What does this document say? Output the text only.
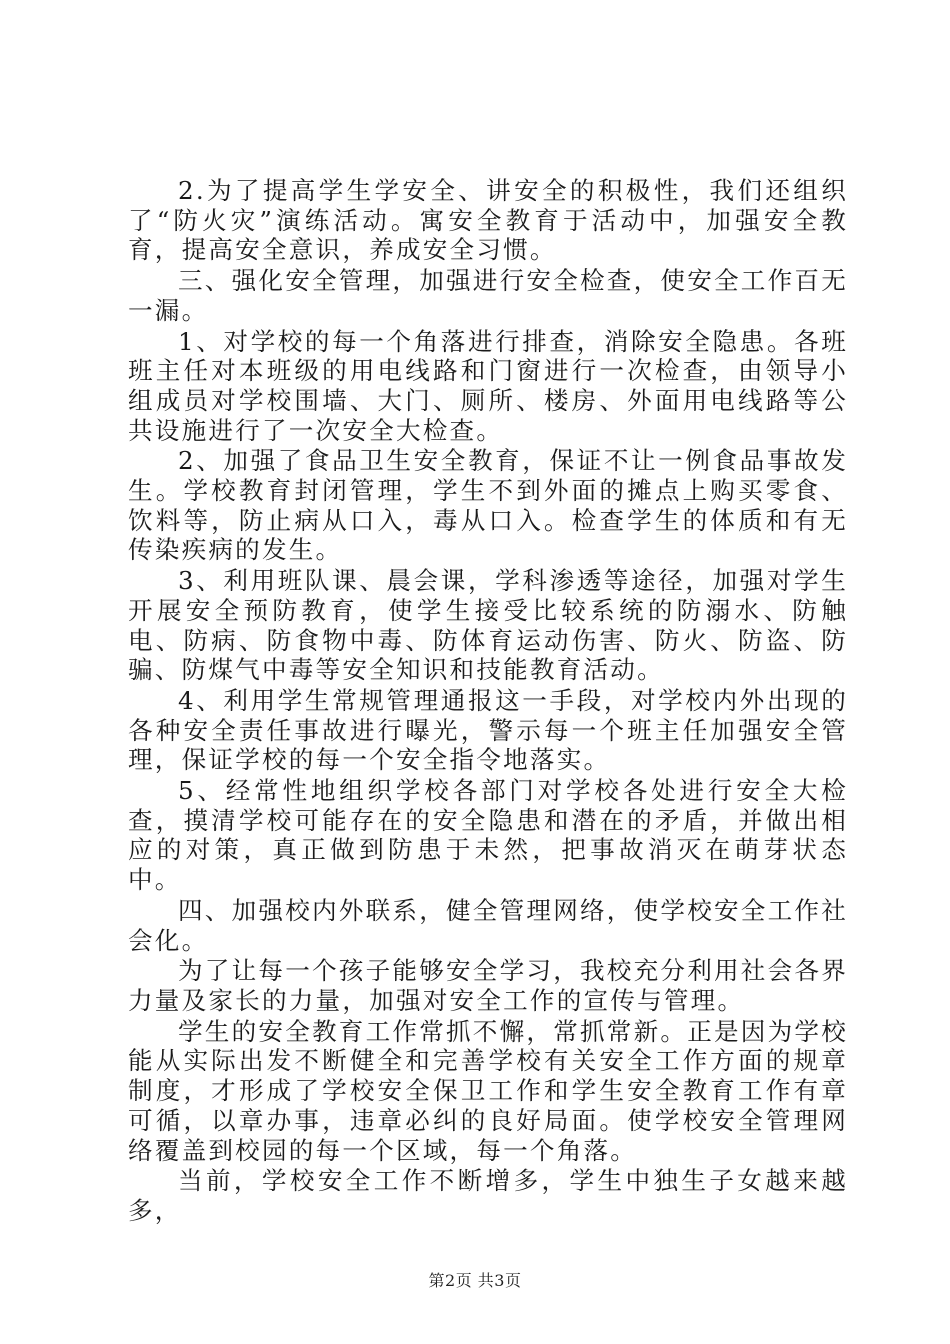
2.为了提高学生学安全、讲安全的积极性，我们还组织了“防火灾”演练活动。寓安全教育于活动中，加强安全教育，提高安全意识，养成安全习惯。

三、强化安全管理，加强进行安全检查，使安全工作百无一漏。

1、对学校的每一个角落进行排查，消除安全隐患。各班班主任对本班级的用电线路和门窗进行一次检查，由领导小组成员对学校围墙、大门、厕所、楼房、外面用电线路等公共设施进行了一次安全大检查。

2、加强了食品卫生安全教育，保证不让一例食品事故发生。学校教育封闭管理，学生不到外面的摊点上购买零食、饮料等，防止病从口入，毒从口入。检查学生的体质和有无传染疾病的发生。

3、利用班队课、晨会课，学科渗透等途径，加强对学生开展安全预防教育，使学生接受比较系统的防溺水、防触电、防病、防食物中毒、防体育运动伤害、防火、防盗、防骗、防煤气中毒等安全知识和技能教育活动。

4、利用学生常规管理通报这一手段，对学校内外出现的各种安全责任事故进行曝光，警示每一个班主任加强安全管理，保证学校的每一个安全指令地落实。

5、经常性地组织学校各部门对学校各处进行安全大检查，摸清学校可能存在的安全隐患和潜在的矛盾，并做出相应的对策，真正做到防患于未然，把事故消灭在萌芽状态中。

四、加强校内外联系，健全管理网络，使学校安全工作社会化。

为了让每一个孩子能够安全学习，我校充分利用社会各界力量及家长的力量，加强对安全工作的宣传与管理。

学生的安全教育工作常抓不懈，常抓常新。正是因为学校能从实际出发不断健全和完善学校有关安全工作方面的规章制度，才形成了学校安全保卫工作和学生安全教育工作有章可循，以章办事，违章必纠的良好局面。使学校安全管理网络覆盖到校园的每一个区域，每一个角落。

当前，学校安全工作不断增多，学生中独生子女越来越多，

第2页 共3页
